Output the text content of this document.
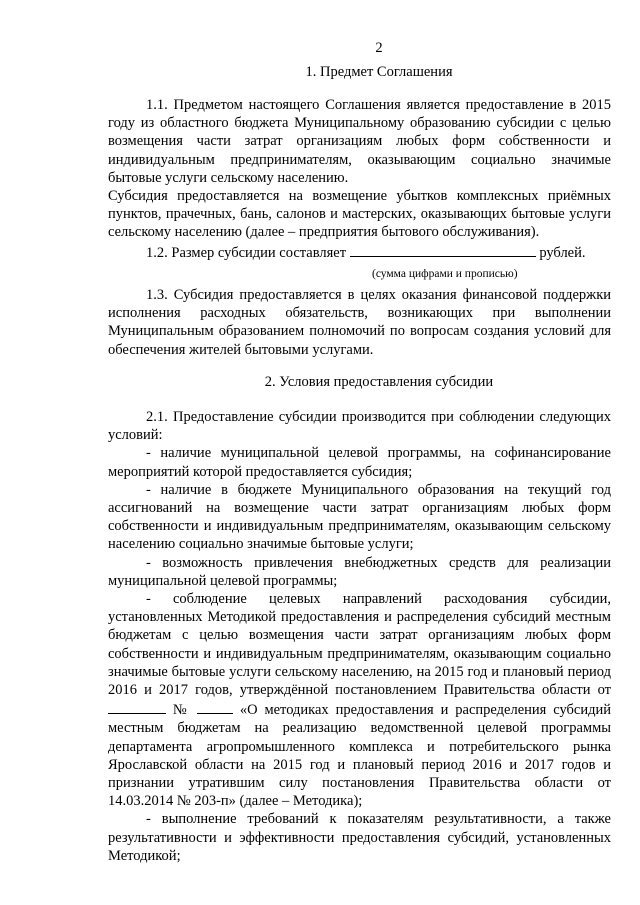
2
1. Предмет Соглашения

1.1. Предметом настоящего Соглашения является предоставление в 2015 году из областного бюджета Муниципальному образованию субсидии с целью возмещения части затрат организациям любых форм собственности и индивидуальным предпринимателям, оказывающим социально значимые бытовые услуги сельскому населению.

Субсидия предоставляется на возмещение убытков комплексных приёмных пунктов, прачечных, бань, салонов и мастерских, оказывающих бытовые услуги сельскому населению (далее – предприятия бытового обслуживания).

1.2. Размер субсидии составляет	рублей.

(сумма цифрами и прописью)

1.3. Субсидия предоставляется в целях оказания финансовой поддержки исполнения расходных обязательств, возникающих при выполнении Муниципальным образованием полномочий по вопросам создания условий для обеспечения жителей бытовыми услугами.

2. Условия предоставления субсидии

2.1. Предоставление субсидии производится при соблюдении следующих условий:

- наличие муниципальной целевой программы, на софинансирование мероприятий которой предоставляется субсидия;

- наличие в бюджете Муниципального образования на текущий год ассигнований на возмещение части затрат организациям любых форм собственности и индивидуальным предпринимателям, оказывающим сельскому населению социально значимые бытовые услуги;

- возможность привлечения внебюджетных средств для реализации муниципальной целевой программы;

- соблюдение целевых направлений расходования субсидии, установленных Методикой предоставления и распределения субсидий местным бюджетам с целью возмещения части затрат организациям любых форм собственности и индивидуальным предпринимателям, оказывающим социально значимые бытовые услуги сельскому населению, на 2015 год и плановый период 2016 и 2017 годов, утверждённой постановлением Правительства области от  №	«О методиках предоставления и распределения субсидий местным бюджетам на реализацию ведомственной целевой программы департамента агропромышленного комплекса и потребительского рынка Ярославской области на 2015 год и плановый период 2016 и 2017 годов и признании утратившим силу постановления Правительства области от 14.03.2014 № 203-п» (далее – Методика);

- выполнение требований к показателям результативности, а также результативности и эффективности предоставления субсидий, установленных Методикой;
